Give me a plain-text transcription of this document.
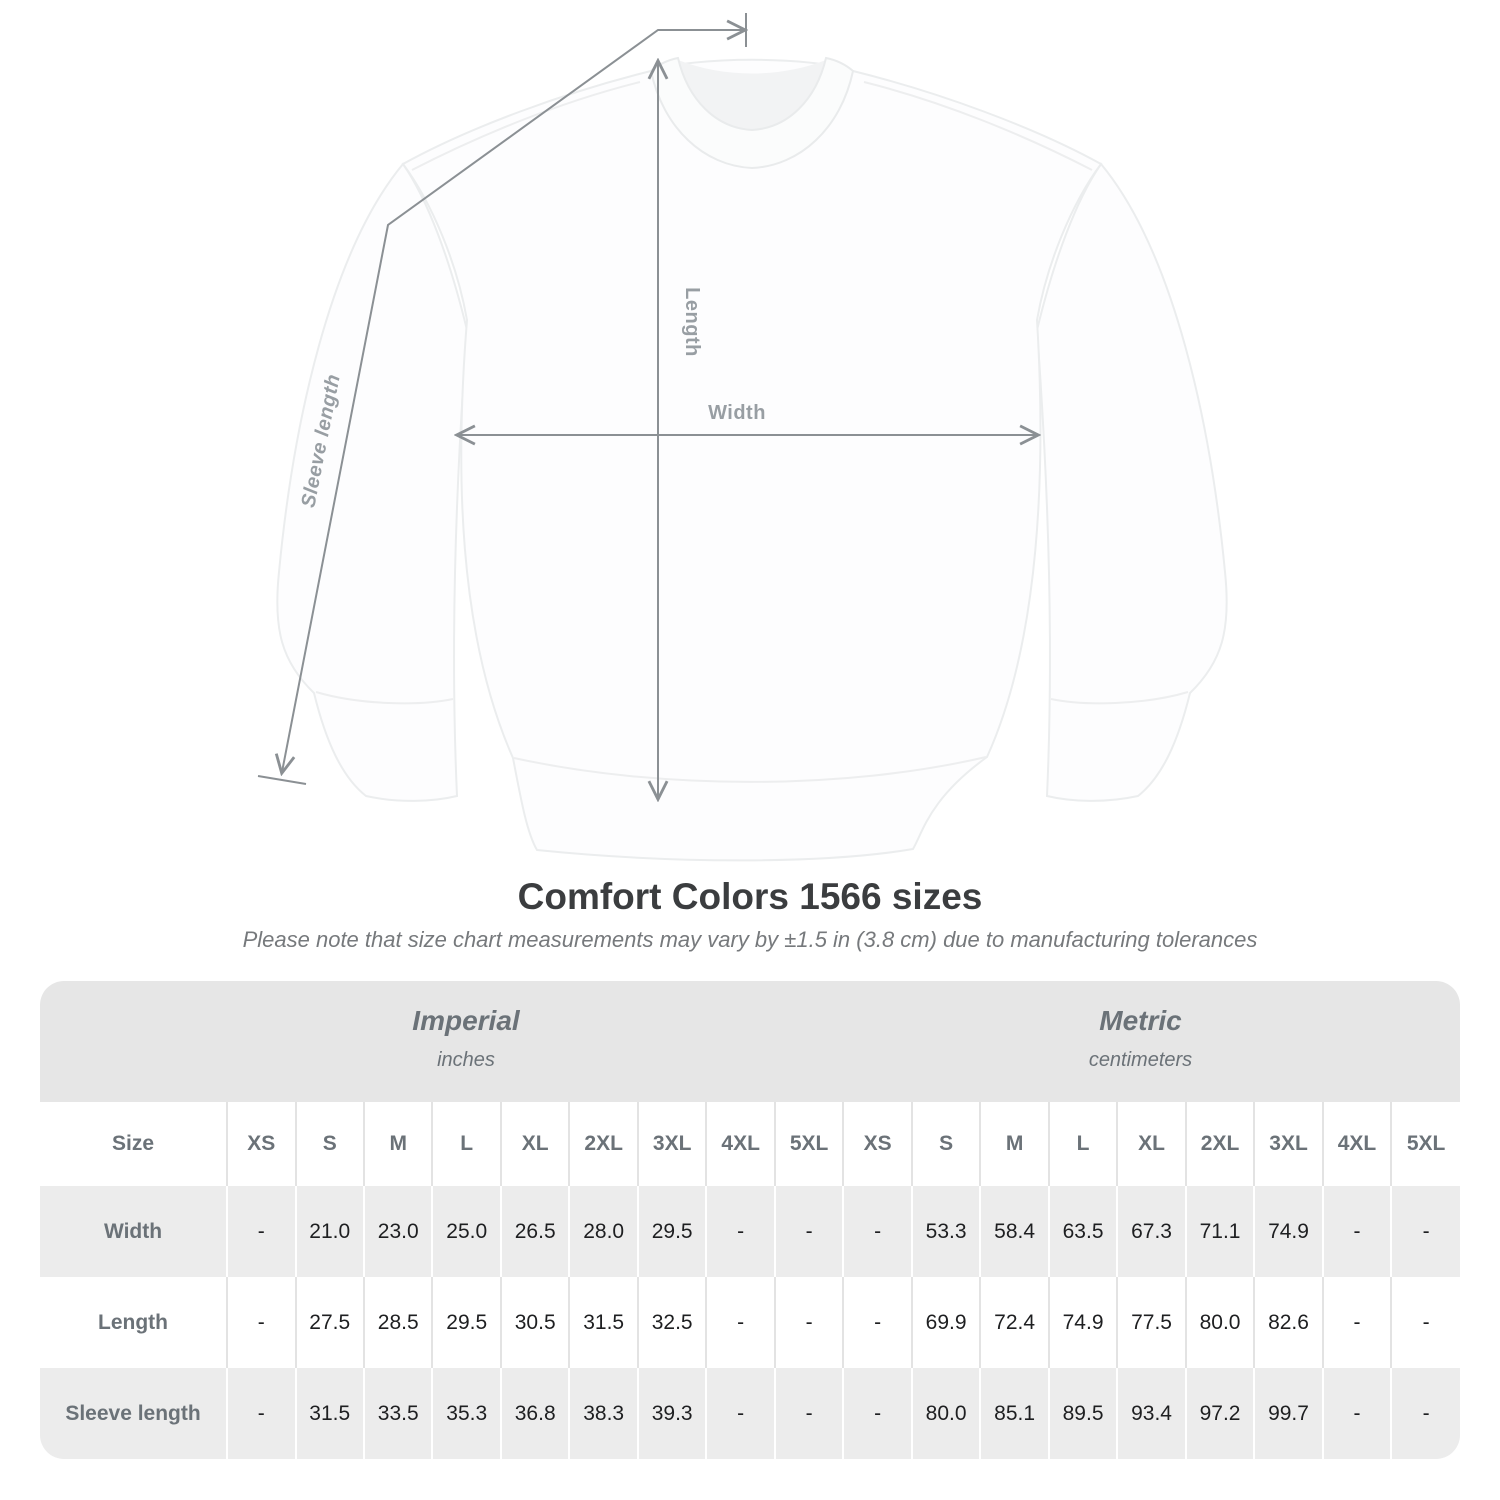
Sleeve length
Length
Width
Comfort Colors 1566 sizes

Please note that size chart measurements may vary by ±1.5 in (3.8 cm) due to manufacturing tolerances

Imperial
inches
Metric
centimeters
Size	XS	S	M	L	XL	2XL	3XL	4XL	5XL	XS	S	M	L	XL	2XL	3XL	4XL	5XL
Width	-	21.0	23.0	25.0	26.5	28.0	29.5	-	-	-	53.3	58.4	63.5	67.3	71.1	74.9	-	-
Length	-	27.5	28.5	29.5	30.5	31.5	32.5	-	-	-	69.9	72.4	74.9	77.5	80.0	82.6	-	-
Sleeve length	-	31.5	33.5	35.3	36.8	38.3	39.3	-	-	-	80.0	85.1	89.5	93.4	97.2	99.7	-	-
